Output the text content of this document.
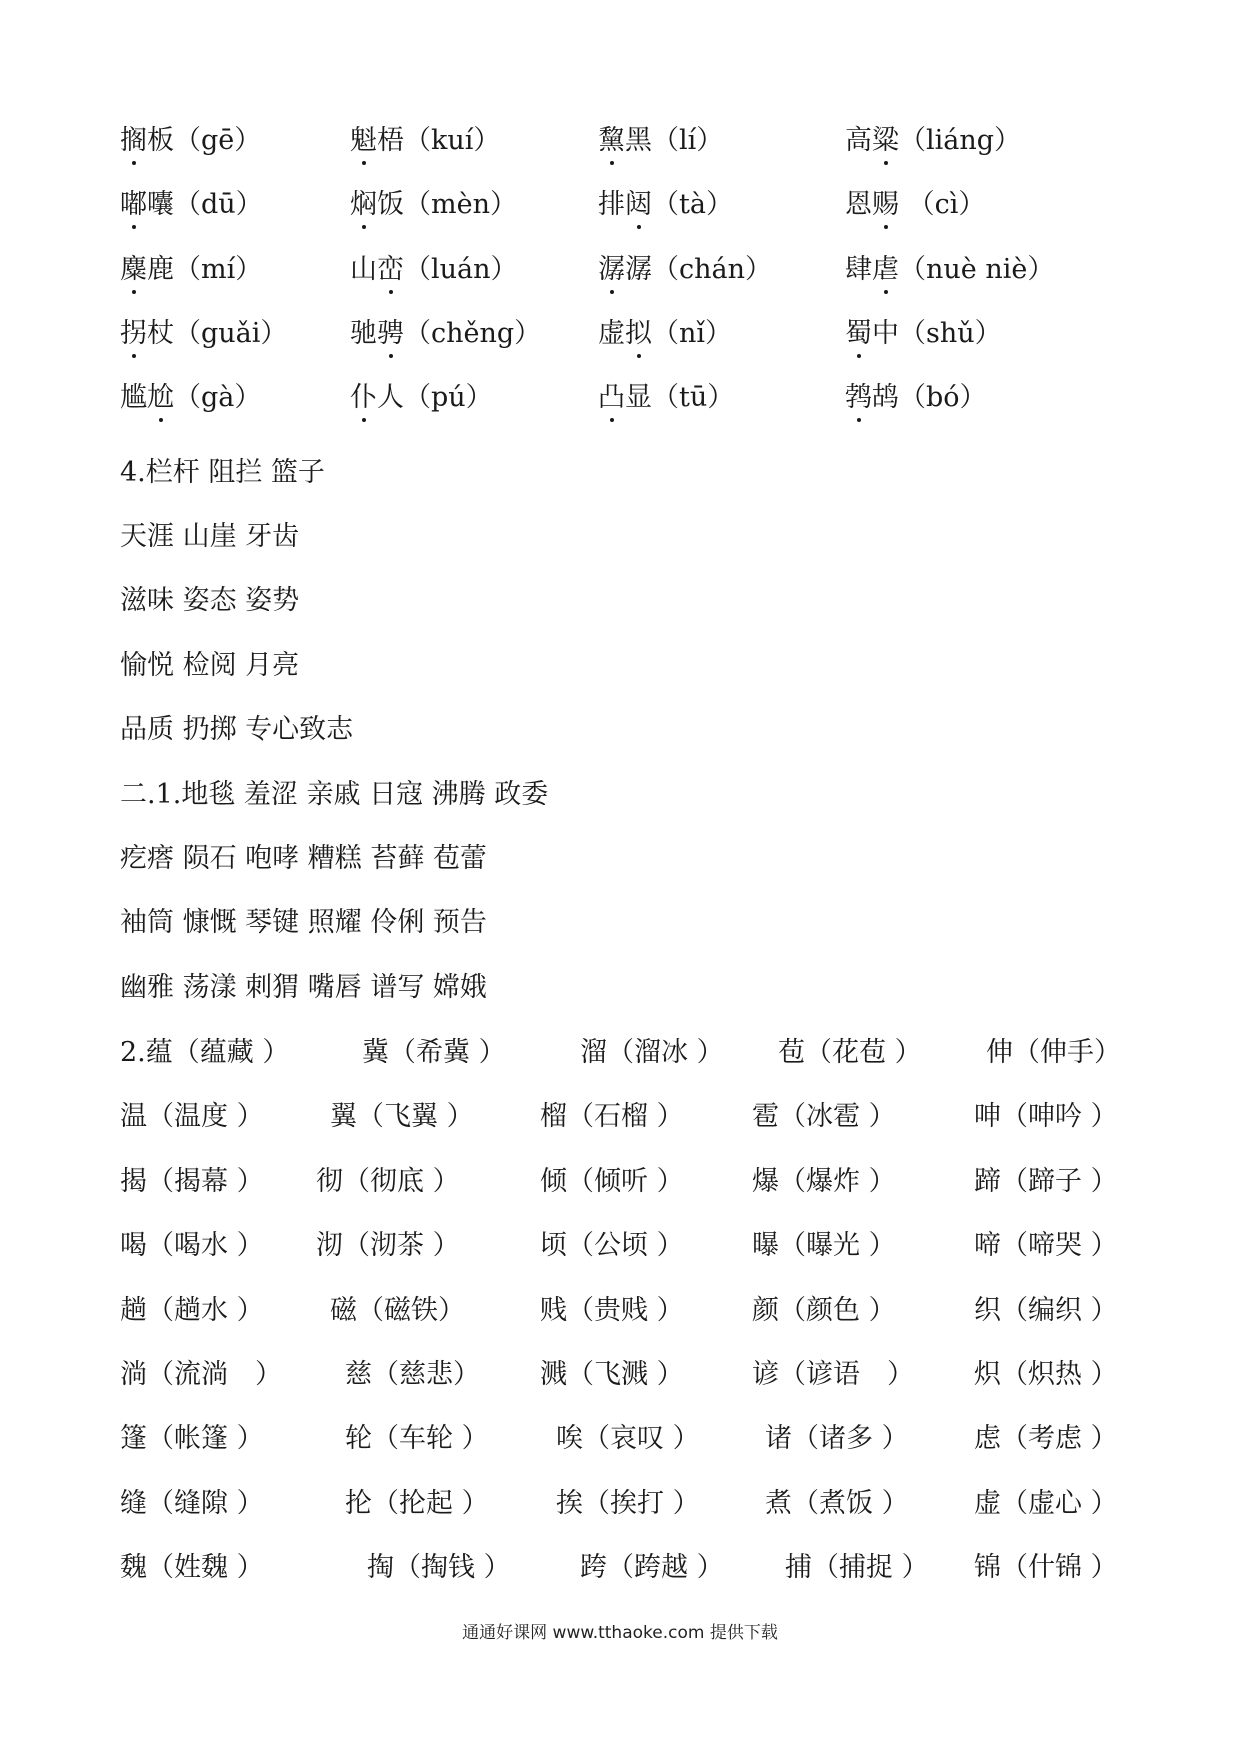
搁板（gē）	魁梧（kuí）	黧黑（lí）	高粱（liáng）
嘟囔（dū）	焖饭（mèn）	排闼（tà）	恩赐 （cì）
麋鹿（mí）	山峦（luán）	潺潺（chán）	肆虐（nuè niè）
拐杖（guǎi） 驰骋（chěng） 虚拟（nǐ）	蜀中（shǔ）
尴尬（gà）	仆人（pú）	凸显（tū）	鹁鸪（bó）
4.栏杆 阻拦 篮子
天涯 山崖 牙齿
滋味 姿态 姿势
愉悦 检阅 月亮
品质 扔掷 专心致志
二.1.地毯 羞涩 亲戚 日寇 沸腾 政委
疙瘩 陨石 咆哮 糟糕 苔藓 苞蕾
袖筒 慷慨 琴键 照耀 伶俐 预告
幽雅 荡漾 刺猬 嘴唇 谱写 嫦娥
2.蕴（蕴藏 ）	冀（希冀 ）	溜（溜冰 ） 苞（花苞 ） 伸（伸手）
温（温度 ） 翼（飞翼 ） 榴（石榴 ）	雹（冰雹 ）	呻（呻吟 ）
揭（揭幕 ） 彻（彻底 ）	倾（倾听 ）	爆（爆炸 ）	蹄（蹄子 ）
喝（喝水 ） 沏（沏茶 ）	顷（公顷 ）	曝（曝光 ）	啼（啼哭 ）
趟（趟水 ） 磁（磁铁）	贱（贵贱 ）	颜（颜色 ）	织（编织 ）
淌（流淌　） 慈（慈悲） 溅（飞溅 ）	谚（谚语　） 炽（炽热 ）
篷（帐篷 ）	轮（车轮 ） 唉（哀叹 ） 诸（诸多 ） 虑（考虑 ）
缝（缝隙 ）	抡（抡起 ） 挨（挨打 ） 煮（煮饭 ） 虚（虚心 ）
魏（姓魏 ）	掏（掏钱 ）	跨（跨越 ） 捕（捕捉 ） 锦（什锦 ）
通通好课网 www.tthaoke.com 提供下载
